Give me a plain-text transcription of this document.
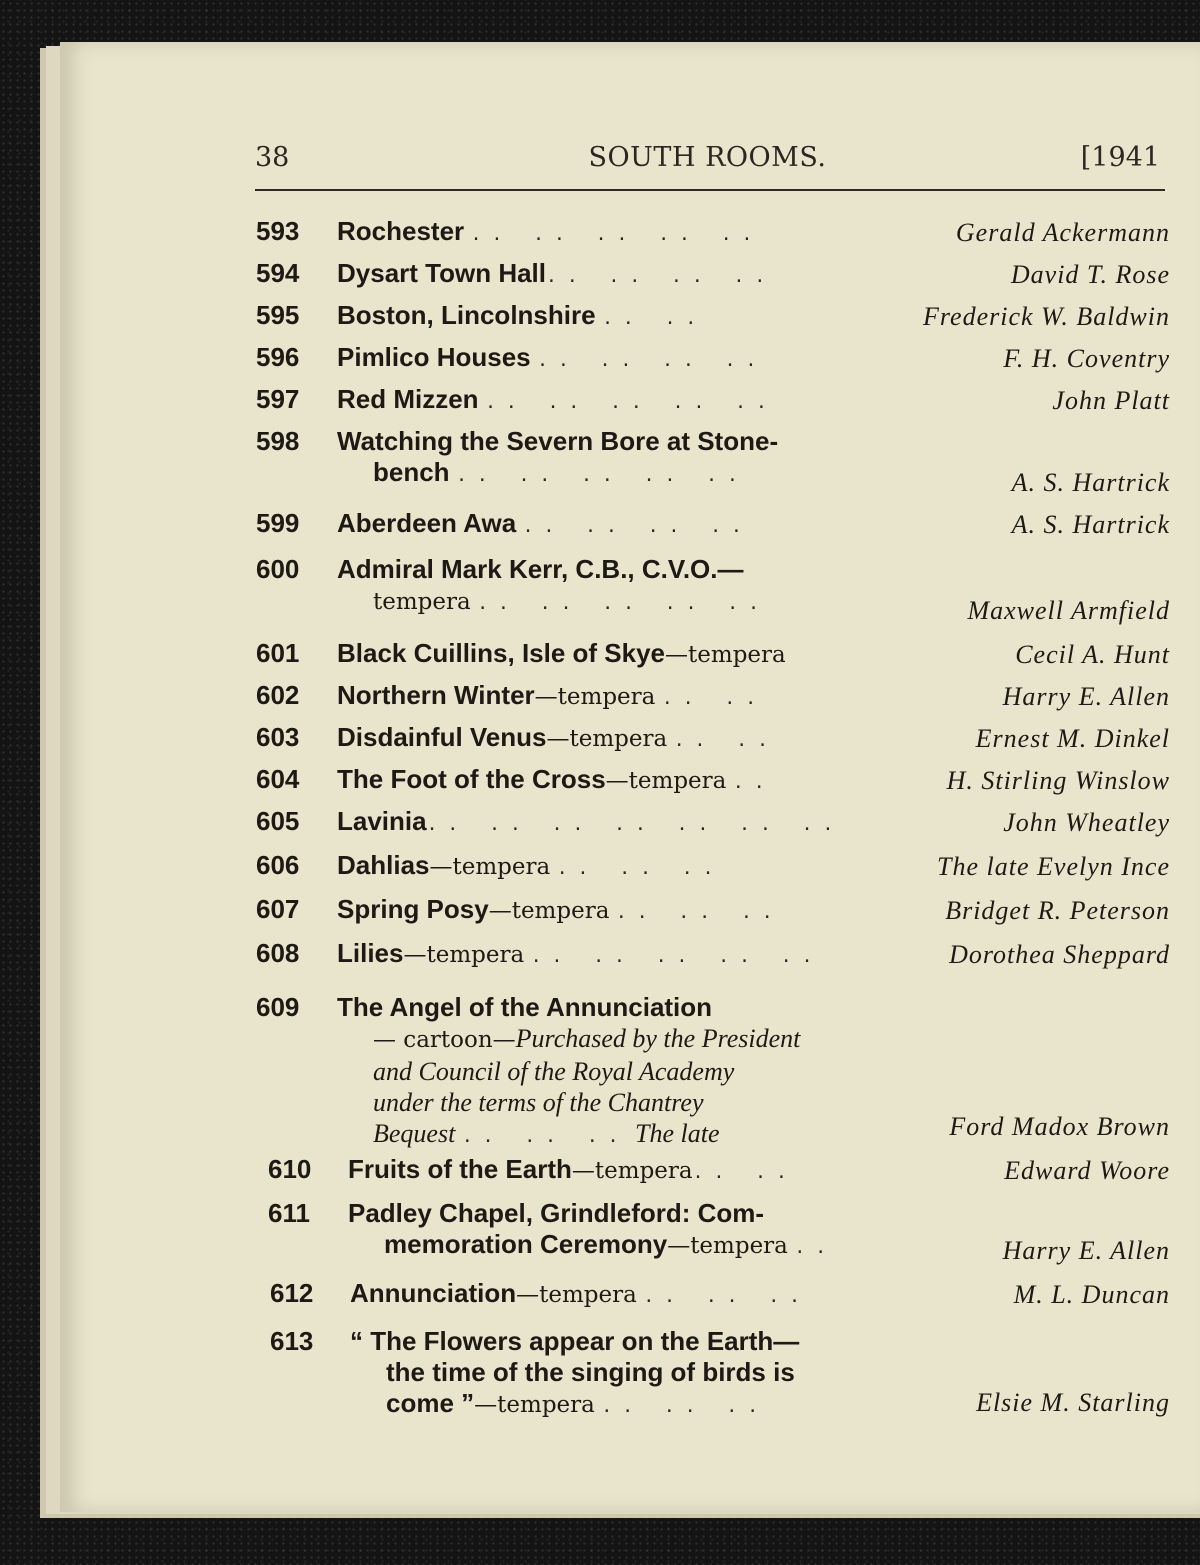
38	SOUTH ROOMS.	[1941
593 Rochester .. .. .. .. ..	Gerald Ackermann
594 Dysart Town Hall.. .. .. ..	David T. Rose
595 Boston, Lincolnshire .. ..	Frederick W. Baldwin
596 Pimlico Houses .. .. .. ..	F. H. Coventry
597 Red Mizzen .. .. .. .. ..	John Platt
598 Watching the Severn Bore at Stone-
bench .. .. .. .. ..	A. S. Hartrick
599 Aberdeen Awa .. .. .. ..	A. S. Hartrick
600 Admiral Mark Kerr, C.B., C.V.O.—
tempera .. .. .. .. ..	Maxwell Armfield
601 Black Cuillins, Isle of Skye—tempera	Cecil A. Hunt
602 Northern Winter—tempera .. ..	Harry E. Allen
603 Disdainful Venus—tempera .. ..	Ernest M. Dinkel
604 The Foot of the Cross—tempera ..	H. Stirling Winslow
605 Lavinia.. .. .. .. .. .. ..	John Wheatley
606 Dahlias—tempera .. .. ..	The late Evelyn Ince
607 Spring Posy—tempera .. .. ..	Bridget R. Peterson
608 Lilies—tempera .. .. .. .. ..	Dorothea Sheppard
609 The Angel of the Annunciation
— cartoon—Purchased by the President
and Council of the Royal Academy
under the terms of the Chantrey
Bequest .. .. .. The late	Ford Madox Brown
610 Fruits of the Earth—tempera.. ..	Edward Woore
611 Padley Chapel, Grindleford: Com-
memoration Ceremony—tempera ..	Harry E. Allen
612 Annunciation—tempera .. .. ..	M. L. Duncan
613 “ The Flowers appear on the Earth—
the time of the singing of birds is
come ”—tempera .. .. ..	Elsie M. Starling
